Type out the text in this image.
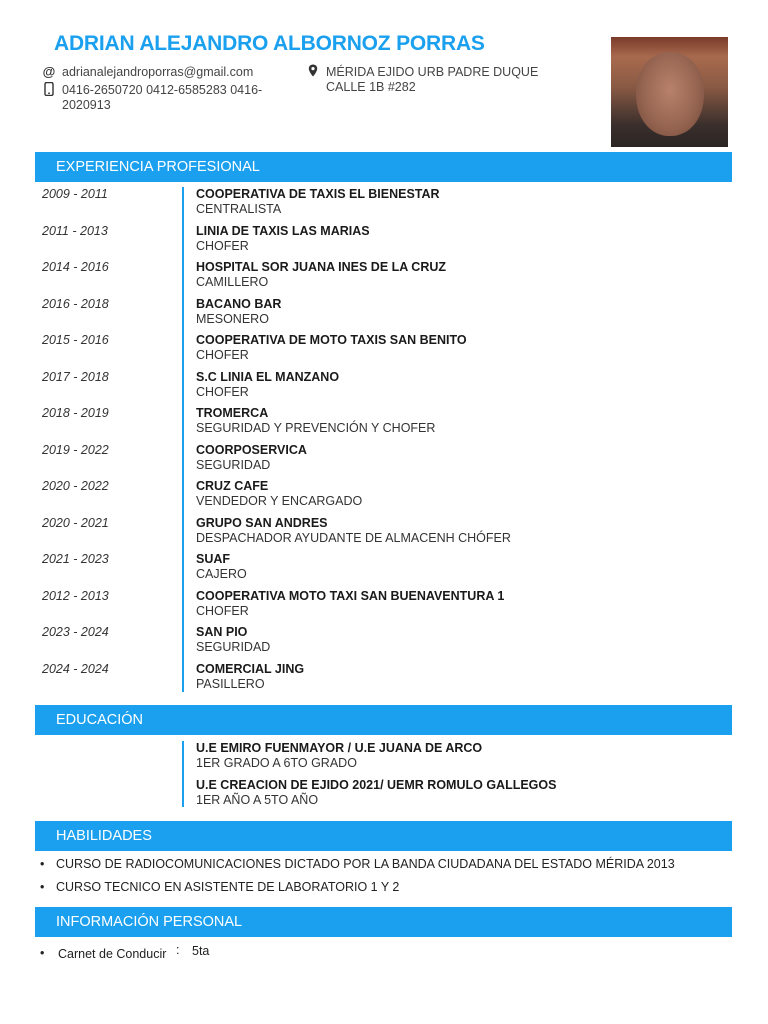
ADRIAN ALEJANDRO ALBORNOZ PORRAS
@ adrianalejandroporras@gmail.com
0416-2650720 0412-6585283 0416-
2020913
MÉRIDA EJIDO URB PADRE DUQUE
CALLE 1B #282
EXPERIENCIA PROFESIONAL
2009 - 2011	COOPERATIVA DE TAXIS EL BIENESTAR
CENTRALISTA
2011 - 2013	LINIA DE TAXIS LAS MARIAS
CHOFER
2014 - 2016	HOSPITAL SOR JUANA INES DE LA CRUZ
CAMILLERO
2016 - 2018	BACANO BAR
MESONERO
2015 - 2016	COOPERATIVA DE MOTO TAXIS SAN BENITO
CHOFER
2017 - 2018	S.C LINIA EL MANZANO
CHOFER
2018 - 2019	TROMERCA
SEGURIDAD Y PREVENCIÓN Y CHOFER
2019 - 2022	COORPOSERVICA
SEGURIDAD
2020 - 2022	CRUZ CAFE
VENDEDOR Y ENCARGADO
2020 - 2021	GRUPO SAN ANDRES
DESPACHADOR AYUDANTE DE ALMACENH CHÓFER
2021 - 2023	SUAF
CAJERO
2012 - 2013	COOPERATIVA MOTO TAXI SAN BUENAVENTURA 1
CHOFER
2023 - 2024	SAN PIO
SEGURIDAD
2024 - 2024	COMERCIAL JING
PASILLERO
EDUCACIÓN
U.E EMIRO FUENMAYOR / U.E JUANA DE ARCO
1ER GRADO A 6TO GRADO
U.E CREACION DE EJIDO 2021/ UEMR ROMULO GALLEGOS
1ER AÑO A 5TO AÑO
HABILIDADES
• CURSO DE RADIOCOMUNICACIONES DICTADO POR LA BANDA CIUDADANA DEL ESTADO MÉRIDA 2013
• CURSO TECNICO EN ASISTENTE DE LABORATORIO 1 Y 2
INFORMACIÓN PERSONAL
• Carnet de Conducir : 5ta
